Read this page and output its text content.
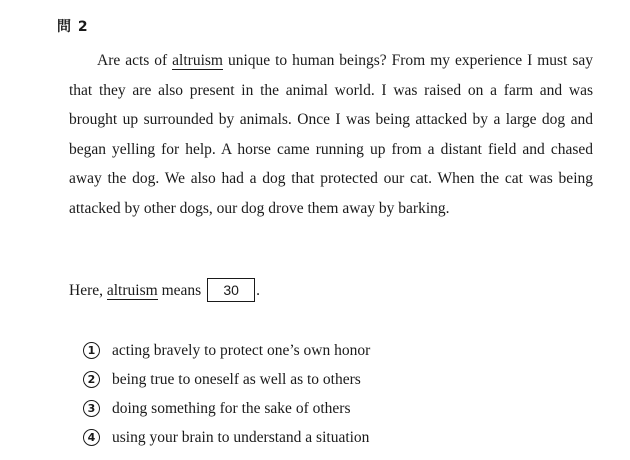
問 2

Are acts of altruism unique to human beings? From my experience I must say that they are also present in the animal world. I was raised on a farm and was brought up surrounded by animals. Once I was being attacked by a large dog and began yelling for help. A horse came running up from a distant field and chased away the dog. We also had a dog that protected our cat. When the cat was being attacked by other dogs, our dog drove them away by barking.

Here, altruism means 30 .
1	acting bravely to protect one’s own honor
2	being true to oneself as well as to others
3	doing something for the sake of others
4	using your brain to understand a situation
